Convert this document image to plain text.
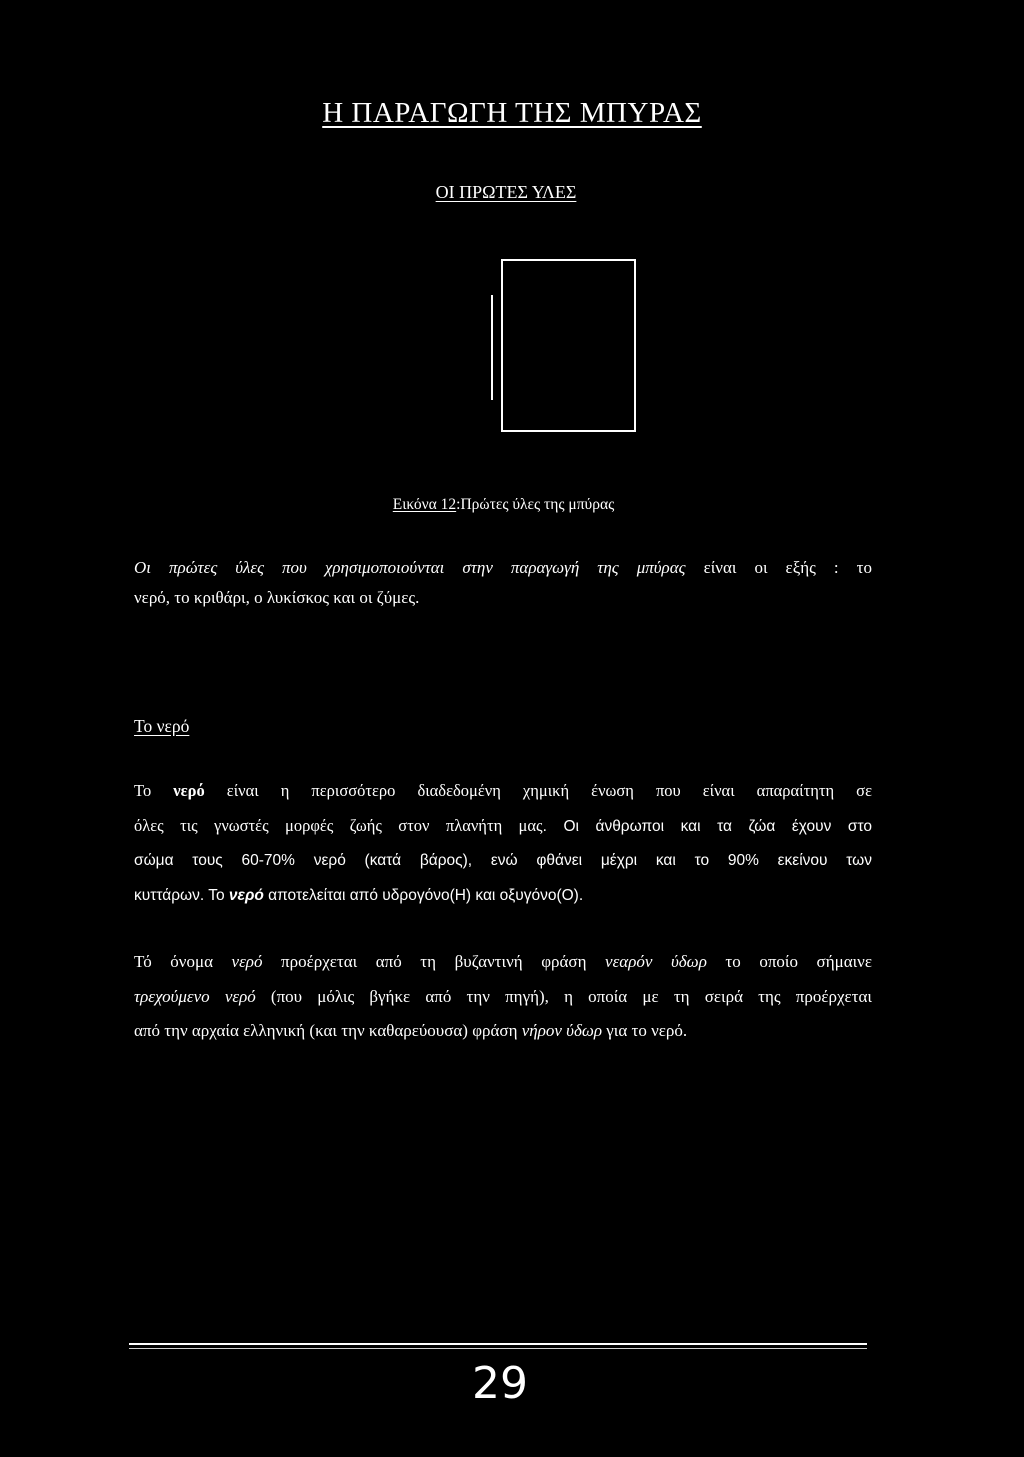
Η ΠΑΡΑΓΩΓΗ ΤΗΣ ΜΠΥΡΑΣ
ΟΙ ΠΡΩΤΕΣ ΥΛΕΣ
Εικόνα 12:Πρώτες ύλες της μπύρας
Οι πρώτες ύλες που χρησιμοποιούνται στην παραγωγή της μπύρας είναι οι εξής : το
νερό, το κριθάρι, ο λυκίσκος και οι ζύμες.
Το νερό
Το νερό είναι η περισσότερο διαδεδομένη χημική ένωση που είναι απαραίτητη σε
όλες τις γνωστές μορφές ζωής στον πλανήτη μας. Οι άνθρωποι και τα ζώα έχουν στο
σώμα τους 60-70% νερό (κατά βάρος), ενώ φθάνει μέχρι και το 90% εκείνου των
κυττάρων. Το νερό αποτελείται από υδρογόνο(Η) και οξυγόνο(Ο).
Τό όνομα νερό προέρχεται από τη βυζαντινή φράση νεαρόν ύδωρ το οποίο σήμαινε
τρεχούμενο νερό (που μόλις βγήκε από την πηγή), η οποία με τη σειρά της προέρχεται
από την αρχαία ελληνική (και την καθαρεύουσα) φράση νήρον ύδωρ για το νερό.
29
